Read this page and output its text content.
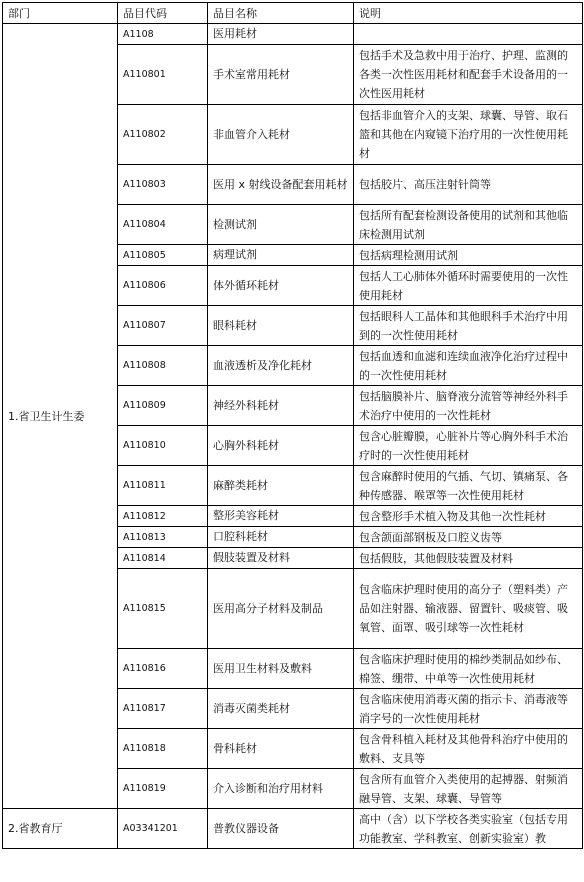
部门	品目代码	品目名称	说明
1.省卫生计生委	A1108	医用耗材	
	A110801	手术室常用耗材	包括手术及急救中用于治疗、护理、监测的各类一次性医用耗材和配套手术设备用的一次性医用耗材
	A110802	非血管介入耗材	包括非血管介入的支架、球囊、导管、取石篮和其他在内窥镜下治疗用的一次性使用耗材
	A110803	医用 x 射线设备配套用耗材	包括胶片、高压注射针筒等
	A110804	检测试剂	包括所有配套检测设备使用的试剂和其他临床检测用试剂
	A110805	病理试剂	包括病理检测用试剂
	A110806	体外循环耗材	包括人工心肺体外循环时需要使用的一次性使用耗材
	A110807	眼科耗材	包括眼科人工晶体和其他眼科手术治疗中用到的一次性使用耗材
	A110808	血液透析及净化耗材	包括血透和血滤和连续血液净化治疗过程中的一次性使用耗材
	A110809	神经外科耗材	包括脑膜补片、脑脊液分流管等神经外科手术治疗中使用的一次性耗材
	A110810	心胸外科耗材	包含心脏瓣膜，心脏补片等心胸外科手术治疗时的一次性使用耗材
	A110811	麻醉类耗材	包含麻醉时使用的气插、气切、镇痛泵、各种传感器、喉罩等一次性使用耗材
	A110812	整形美容耗材	包含整形手术植入物及其他一次性耗材
	A110813	口腔科耗材	包含颌面部钢板及口腔义齿等
	A110814	假肢装置及材料	包括假肢，其他假肢装置及材料
	A110815	医用高分子材料及制品	包含临床护理时使用的高分子（塑料类）产品如注射器、输液器、留置针、吸痰管、吸氧管、面罩、吸引球等一次性耗材
	A110816	医用卫生材料及敷料	包含临床护理时使用的棉纱类制品如纱布、棉签、绷带、中单等一次性使用耗材
	A110817	消毒灭菌类耗材	包含临床使用消毒灭菌的指示卡、消毒液等消字号的一次性使用耗材
	A110818	骨科耗材	包含骨科植入耗材及其他骨科治疗中使用的敷料、支具等
	A110819	介入诊断和治疗用材料	包含所有血管介入类使用的起搏器、射频消融导管、支架、球囊、导管等
2.省教育厅	A03341201	普教仪器设备	高中（含）以下学校各类实验室（包括专用功能教室、学科教室、创新实验室）教
